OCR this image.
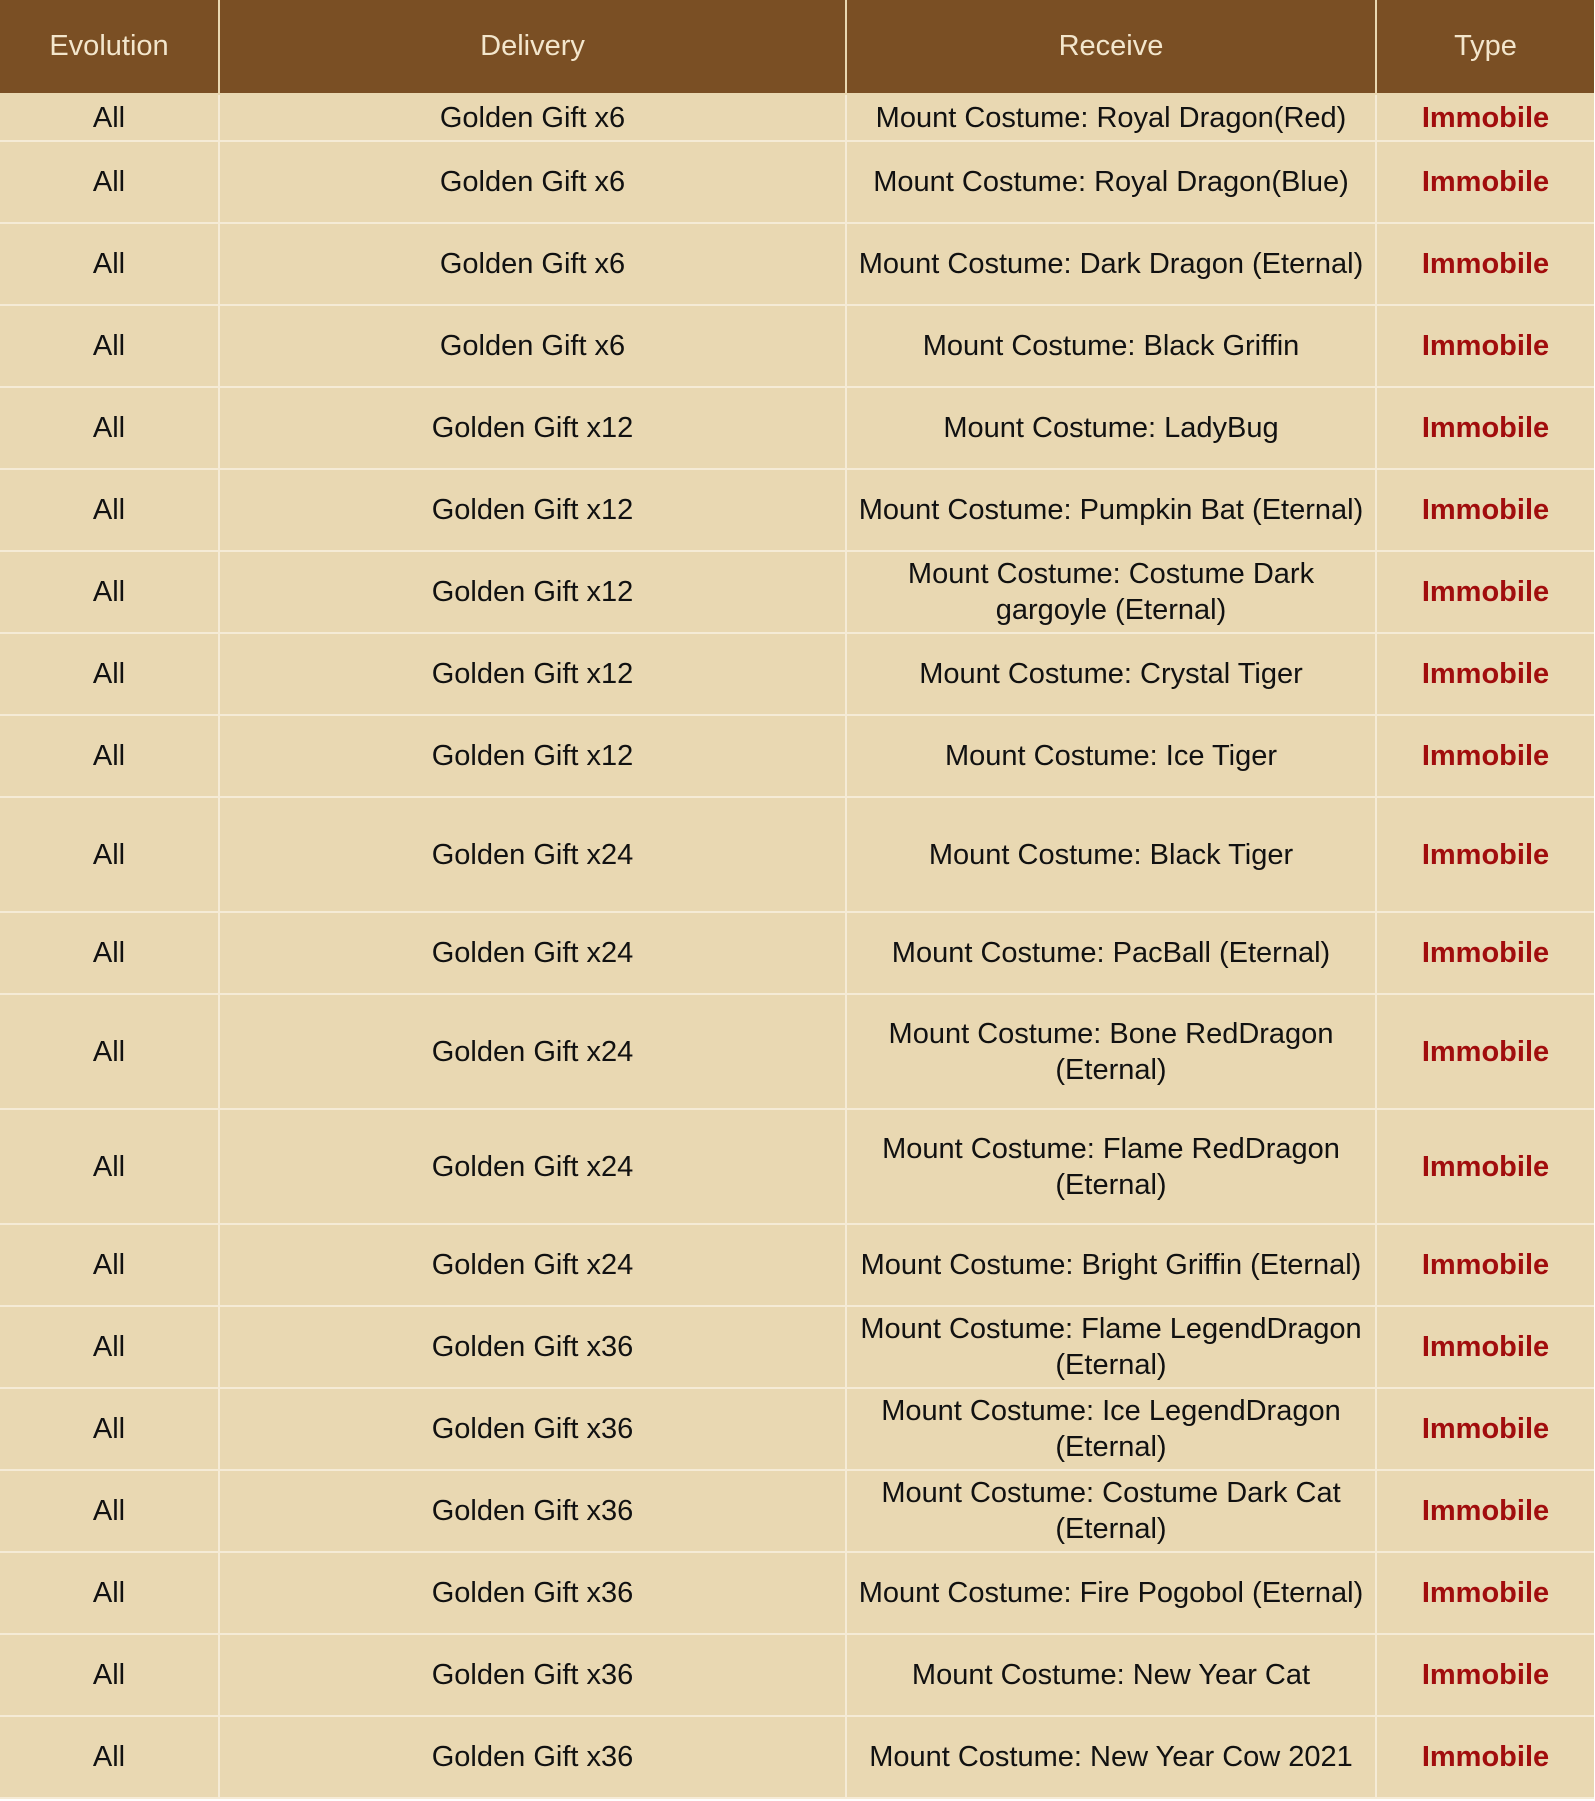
Evolution	Delivery	Receive	Type
All	Golden Gift x6	Mount Costume: Royal Dragon(Red)	Immobile
All	Golden Gift x6	Mount Costume: Royal Dragon(Blue)	Immobile
All	Golden Gift x6	Mount Costume: Dark Dragon (Eternal)	Immobile
All	Golden Gift x6	Mount Costume: Black Griffin	Immobile
All	Golden Gift x12	Mount Costume: LadyBug	Immobile
All	Golden Gift x12	Mount Costume: Pumpkin Bat (Eternal)	Immobile
All	Golden Gift x12	Mount Costume: Costume Dark gargoyle (Eternal)	Immobile
All	Golden Gift x12	Mount Costume: Crystal Tiger	Immobile
All	Golden Gift x12	Mount Costume: Ice Tiger	Immobile
All	Golden Gift x24	Mount Costume: Black Tiger	Immobile
All	Golden Gift x24	Mount Costume: PacBall (Eternal)	Immobile
All	Golden Gift x24	Mount Costume: Bone RedDragon (Eternal)	Immobile
All	Golden Gift x24	Mount Costume: Flame RedDragon (Eternal)	Immobile
All	Golden Gift x24	Mount Costume: Bright Griffin (Eternal)	Immobile
All	Golden Gift x36	Mount Costume: Flame LegendDragon (Eternal)	Immobile
All	Golden Gift x36	Mount Costume: Ice LegendDragon (Eternal)	Immobile
All	Golden Gift x36	Mount Costume: Costume Dark Cat (Eternal)	Immobile
All	Golden Gift x36	Mount Costume: Fire Pogobol (Eternal)	Immobile
All	Golden Gift x36	Mount Costume: New Year Cat	Immobile
All	Golden Gift x36	Mount Costume: New Year Cow 2021	Immobile
